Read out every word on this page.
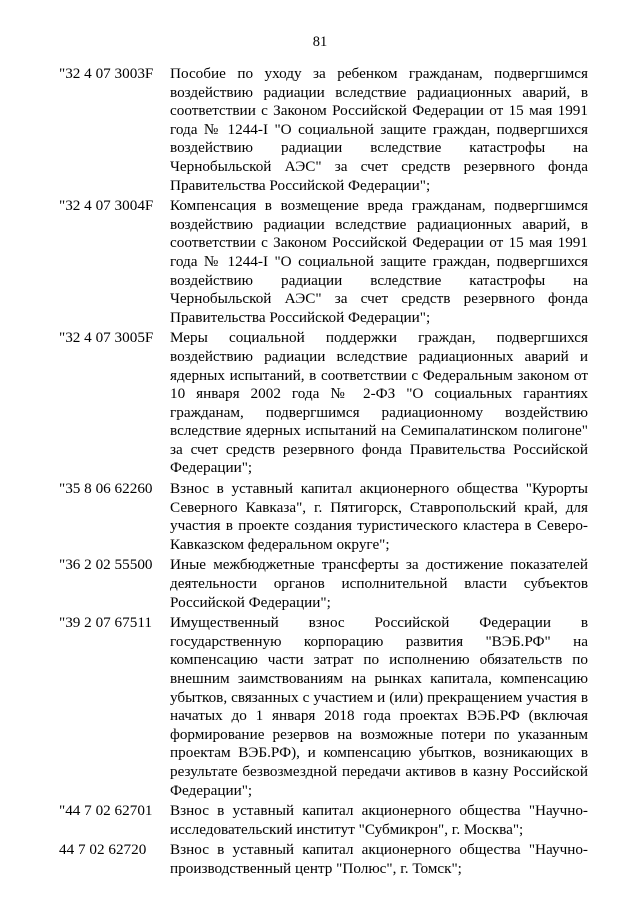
81
"32 4 07 3003F	Пособие по уходу за ребенком гражданам, подвергшимся воздействию радиации вследствие радиационных аварий, в соответствии с Законом Российской Федерации от 15 мая 1991 года № 1244-I "О социальной защите граждан, подвергшихся воздействию радиации вследствие катастрофы на Чернобыльской АЭС" за счет средств резервного фонда Правительства Российской Федерации";
"32 4 07 3004F	Компенсация в возмещение вреда гражданам, подвергшимся воздействию радиации вследствие радиационных аварий, в соответствии с Законом Российской Федерации от 15 мая 1991 года № 1244-I "О социальной защите граждан, подвергшихся воздействию радиации вследствие катастрофы на Чернобыльской АЭС" за счет средств резервного фонда Правительства Российской Федерации";
"32 4 07 3005F	Меры социальной поддержки граждан, подвергшихся воздействию радиации вследствие радиационных аварий и ядерных испытаний, в соответствии с Федеральным законом от 10 января 2002 года № 2-ФЗ "О социальных гарантиях гражданам, подвергшимся радиационному воздействию вследствие ядерных испытаний на Семипалатинском полигоне" за счет средств резервного фонда Правительства Российской Федерации";
"35 8 06 62260	Взнос в уставный капитал акционерного общества "Курорты Северного Кавказа", г. Пятигорск, Ставропольский край, для участия в проекте создания туристического кластера в Северо-Кавказском федеральном округе";
"36 2 02 55500	Иные межбюджетные трансферты за достижение показателей деятельности органов исполнительной власти субъектов Российской Федерации";
"39 2 07 67511	Имущественный взнос Российской Федерации в государственную корпорацию развития "ВЭБ.РФ" на компенсацию части затрат по исполнению обязательств по внешним заимствованиям на рынках капитала, компенсацию убытков, связанных с участием и (или) прекращением участия в начатых до 1 января 2018 года проектах ВЭБ.РФ (включая формирование резервов на возможные потери по указанным проектам ВЭБ.РФ), и компенсацию убытков, возникающих в результате безвозмездной передачи активов в казну Российской Федерации";
"44 7 02 62701	Взнос в уставный капитал акционерного общества "Научно-исследовательский институт "Субмикрон", г. Москва";
44 7 02 62720	Взнос в уставный капитал акционерного общества "Научно-производственный центр "Полюс", г. Томск";
